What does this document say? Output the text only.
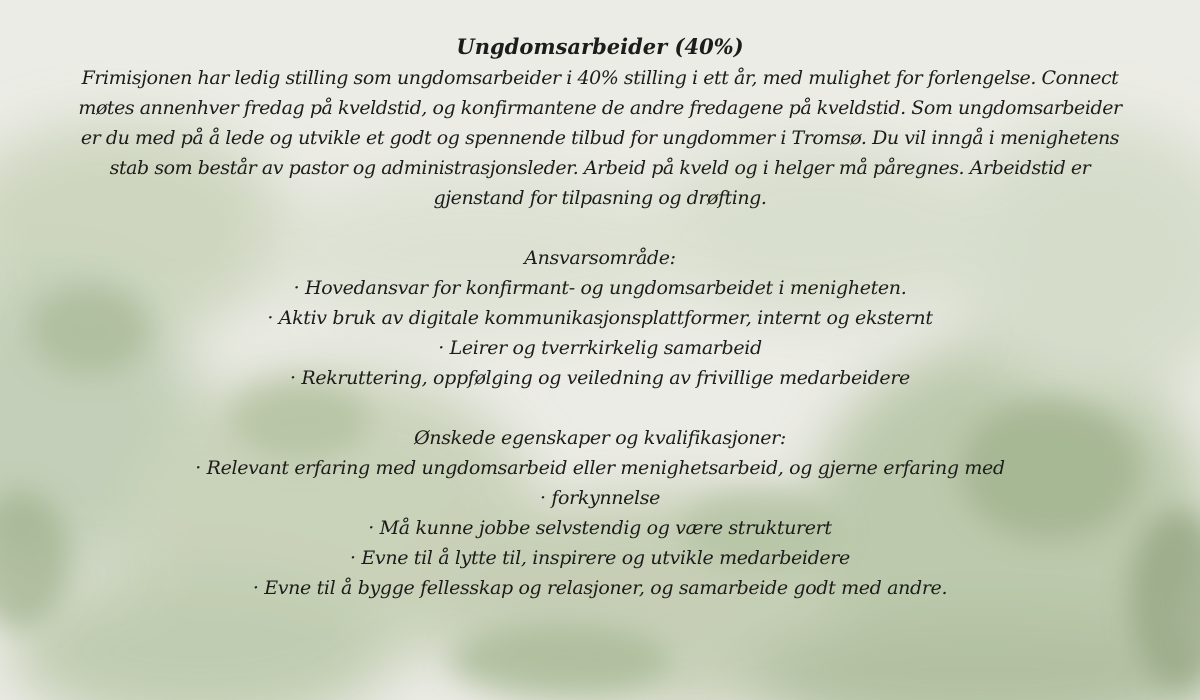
Ungdomsarbeider (40%)
Frimisjonen har ledig stilling som ungdomsarbeider i 40% stilling i ett år, med mulighet for forlengelse. Connect
møtes annenhver fredag på kveldstid, og konfirmantene de andre fredagene på kveldstid. Som ungdomsarbeider
er du med på å lede og utvikle et godt og spennende tilbud for ungdommer i Tromsø. Du vil inngå i menighetens
stab som består av pastor og administrasjonsleder. Arbeid på kveld og i helger må påregnes. Arbeidstid er
gjenstand for tilpasning og drøfting.
Ansvarsområde:
· Hovedansvar for konfirmant- og ungdomsarbeidet i menigheten.
· Aktiv bruk av digitale kommunikasjonsplattformer, internt og eksternt
· Leirer og tverrkirkelig samarbeid
· Rekruttering, oppfølging og veiledning av frivillige medarbeidere
Ønskede egenskaper og kvalifikasjoner:
· Relevant erfaring med ungdomsarbeid eller menighetsarbeid, og gjerne erfaring med
· forkynnelse
· Må kunne jobbe selvstendig og være strukturert
· Evne til å lytte til, inspirere og utvikle medarbeidere
· Evne til å bygge fellesskap og relasjoner, og samarbeide godt med andre.
